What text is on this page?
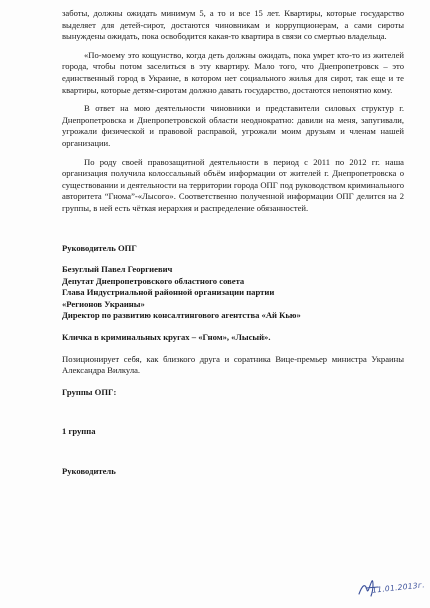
заботы, должны ожидать минимум 5, а то и все 15 лет. Квартиры, которые государство выделяет для детей-сирот, достаются чиновникам и коррупционерам, а сами сироты вынуждены ожидать, пока освободится какая-то квартира в связи со смертью владельца.

«По-моему это кощунство, когда деть должны ожидать, пока умрет кто-то из жителей города, чтобы потом заселиться в эту квартиру. Мало того, что Днепропетровск – это единственный город в Украине, в котором нет социального жилья для сирот, так еще и те квартиры, которые детям-сиротам должно давать государство, достаются непонятно кому.

В ответ на мою деятельности чиновники и представители силовых структур г. Днепропетровска и Днепропетровской области неоднократно: давили на меня, запугивали, угрожали физической и правовой расправой, угрожали моим друзьям и членам нашей организации.

По роду своей правозащитной деятельности в период с 2011 по 2012 гг. наша организация получила колоссальный объём информации от жителей г. Днепропетровска о существовании и деятельности на территории города ОПГ под руководством криминального авторитета “Гнома”-«Лысого». Соответственно полученной информации ОПГ делится на 2 группы, в ней есть чёткая иерархия и распределение обязанностей.

Руководитель ОПГ

Безуглый Павел Георгиевич

Депутат Днепропетровского областного совета

Глава Индустриальной районной организации партии

«Регионов Украины»

Директор по развитию консалтингового агентства «Ай Кью»

Кличка в криминальных кругах – «Гном», «Лысый».

Позиционирует себя, как близкого друга и соратника Вице-премьер министра Украины Александра Вилкула.

Группы ОПГ:

1 группа

Руководитель

11.01.2013г.
